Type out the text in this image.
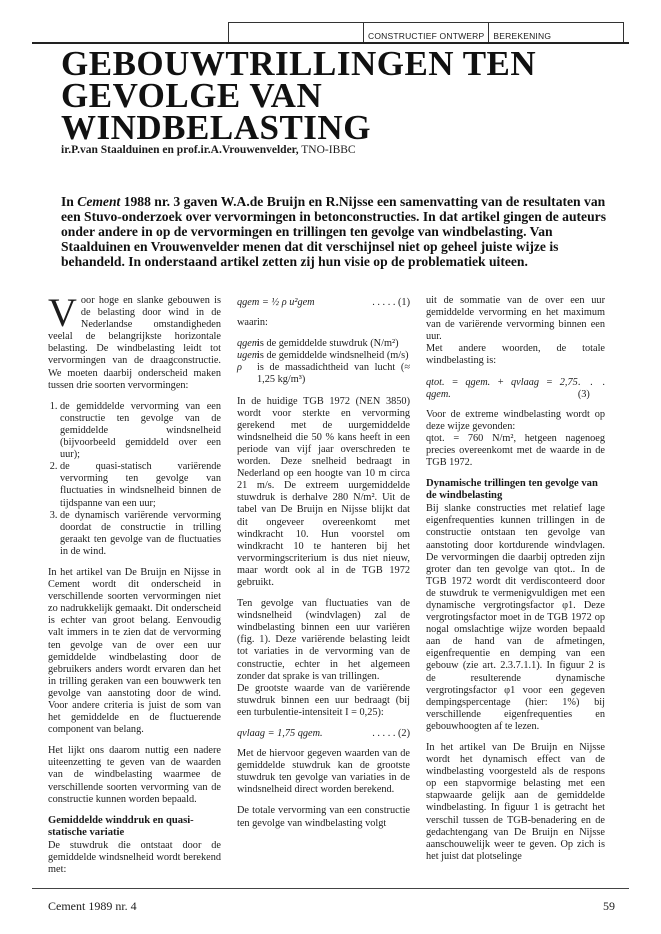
CONSTRUCTIEF ONTWERP	BEREKENING
GEBOUWTRILLINGEN TEN
GEVOLGE VAN WINDBELASTING
ir.P.van Staalduinen en prof.ir.A.Vrouwenvelder, TNO-IBBC

In Cement 1988 nr. 3 gaven W.A.de Bruijn en R.Nijsse een samenvatting van de resultaten van een Stuvo-onderzoek over vervormingen in betonconstructies. In dat artikel gingen de auteurs onder andere in op de vervormingen en trillingen ten gevolge van windbelasting. Van Staalduinen en Vrouwenvelder menen dat dit verschijnsel niet op geheel juiste wijze is behandeld. In onderstaand artikel zetten zij hun visie op de problematiek uiteen.

Voor hoge en slanke gebouwen is de belasting door wind in de Nederlandse omstandigheden veelal de belangrijkste horizontale belasting. De windbelasting leidt tot vervormingen van de draagconstructie. We moeten daarbij onderscheid maken tussen drie soorten vervormingen:

1. de gemiddelde vervorming van een constructie ten gevolge van de gemiddelde windsnelheid (bijvoorbeeld gemiddeld over een uur);
2. de quasi-statisch variërende vervorming ten gevolge van fluctuaties in windsnelheid binnen de tijdspanne van een uur;
3. de dynamisch variërende vervorming doordat de constructie in trilling geraakt ten gevolge van de fluctuaties in de wind.

In het artikel van De Bruijn en Nijsse in Cement wordt dit onderscheid in verschillende soorten vervormingen niet zo nadrukkelijk gemaakt. Dit onderscheid is echter van groot belang. Eenvoudig valt immers in te zien dat de vervorming ten gevolge van de over een uur gemiddelde windbelasting door de gebruikers anders wordt ervaren dan het in trilling geraken van een bouwwerk ten gevolge van aanstoting door de wind. Voor andere criteria is juist de som van het gemiddelde en de fluctuerende component van belang.

Het lijkt ons daarom nuttig een nadere uiteenzetting te geven van de waarden van de windbelasting waarmee de verschillende soorten vervorming van de constructie kunnen worden bepaald.

Gemiddelde winddruk en quasi-statische variatie

De stuwdruk die ontstaat door de gemiddelde windsnelheid wordt berekend met:

qgem = ½ ρ u²gem	. . . . . (1)

waarin:

qgem
is de gemiddelde stuwdruk (N/m²)
ugem
is de gemiddelde windsnelheid (m/s)
ρ	is de massadichtheid van lucht (≈ 1,25 kg/m³)

In de huidige TGB 1972 (NEN 3850) wordt voor sterkte en vervorming gerekend met de uurgemiddelde windsnelheid die 50 % kans heeft in een periode van vijf jaar overschreden te worden. Deze snelheid bedraagt in Nederland op een hoogte van 10 m circa 21 m/s. De extreem uurgemiddelde stuwdruk is derhalve 280 N/m². Uit de tabel van De Bruijn en Nijsse blijkt dat dit ongeveer overeenkomt met windkracht 10. Hun voorstel om windkracht 10 te hanteren bij het vervormingscriterium is dus niet nieuw, maar wordt ook al in de TGB 1972 gebruikt.

Ten gevolge van fluctuaties van de windsnelheid (windvlagen) zal de windbelasting binnen een uur variëren (fig. 1). Deze variërende belasting leidt tot variaties in de vervorming van de constructie, echter in het algemeen zonder dat sprake is van trillingen.

De grootste waarde van de variërende stuwdruk binnen een uur bedraagt (bij een turbulentie-intensiteit I = 0,25):

qvlaag = 1,75 qgem.	. . . . . (2)

Met de hiervoor gegeven waarden van de gemiddelde stuwdruk kan de grootste stuwdruk ten gevolge van variaties in de windsnelheid direct worden berekend.

De totale vervorming van een constructie ten gevolge van windbelasting volgt

uit de sommatie van de over een uur gemiddelde vervorming en het maximum van de variërende vervorming binnen een uur.

Met andere woorden, de totale windbelasting is:

qtot. = qgem. + qvlaag = 2,75 qgem.
. . . (3)

Voor de extreme windbelasting wordt op deze wijze gevonden:

qtot. = 760 N/m², hetgeen nagenoeg precies overeenkomt met de waarde in de TGB 1972.

Dynamische trillingen ten gevolge van de windbelasting

Bij slanke constructies met relatief lage eigenfrequenties kunnen trillingen in de constructie ontstaan ten gevolge van aanstoting door kortdurende windvlagen. De vervormingen die daarbij optreden zijn groter dan ten gevolge van qtot.. In de TGB 1972 wordt dit verdisconteerd door de stuwdruk te vermenigvuldigen met een dynamische vergrotingsfactor φ1. Deze vergrotingsfactor moet in de TGB 1972 op nogal omslachtige wijze worden bepaald aan de hand van de afmetingen, eigenfrequentie en demping van een gebouw (zie art. 2.3.7.1.1). In figuur 2 is de resulterende dynamische vergrotingsfactor φ1 voor een gegeven dempingspercentage (hier: 1%) bij verschillende eigenfrequenties en gebouwhoogten af te lezen.

In het artikel van De Bruijn en Nijsse wordt het dynamisch effect van de windbelasting voorgesteld als de respons op een stapvormige belasting met een stapwaarde gelijk aan de gemiddelde windbelasting. In figuur 1 is getracht het verschil tussen de TGB-benadering en de gedachtengang van De Bruijn en Nijsse aanschouwelijk weer te geven. Op zich is het juist dat plotselinge

Cement 1989 nr. 4	59
